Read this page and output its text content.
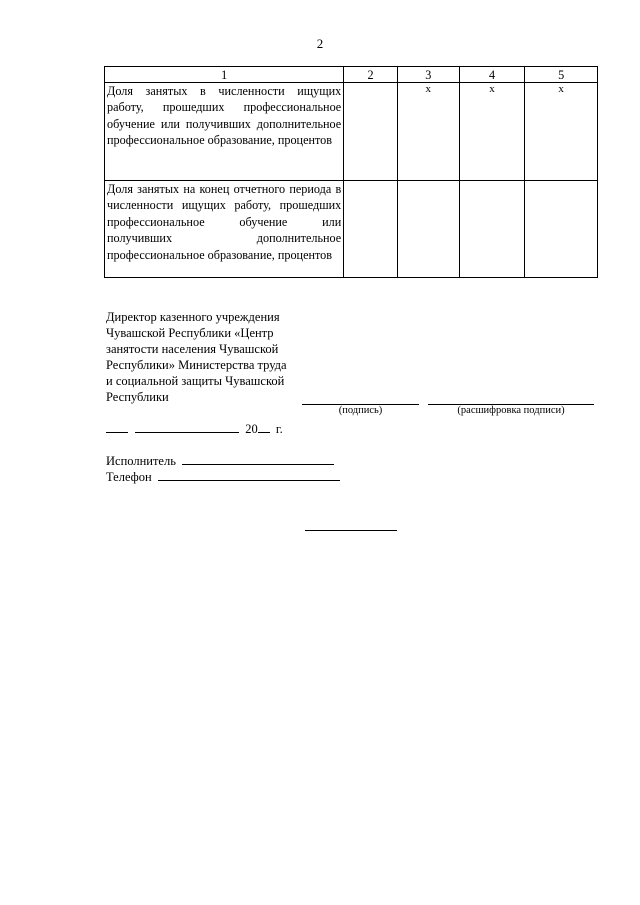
2
1	2	3	4	5
Доля занятых в численности ищущих работу, прошедших профессиональное обучение или получивших дополнительное профессиональное образование, процентов		x	x	x
Доля занятых на конец отчетного периода в численности ищущих работу, прошедших профессиональное обучение или получивших дополнительное профессиональное образование, процентов				
Директор казенного учреждения
Чувашской Республики «Центр
занятости населения Чувашской
Республики» Министерства труда
и социальной защиты Чувашской
Республики
(подпись)	(расшифровка подписи)
20 г.
Исполнитель
Телефон
